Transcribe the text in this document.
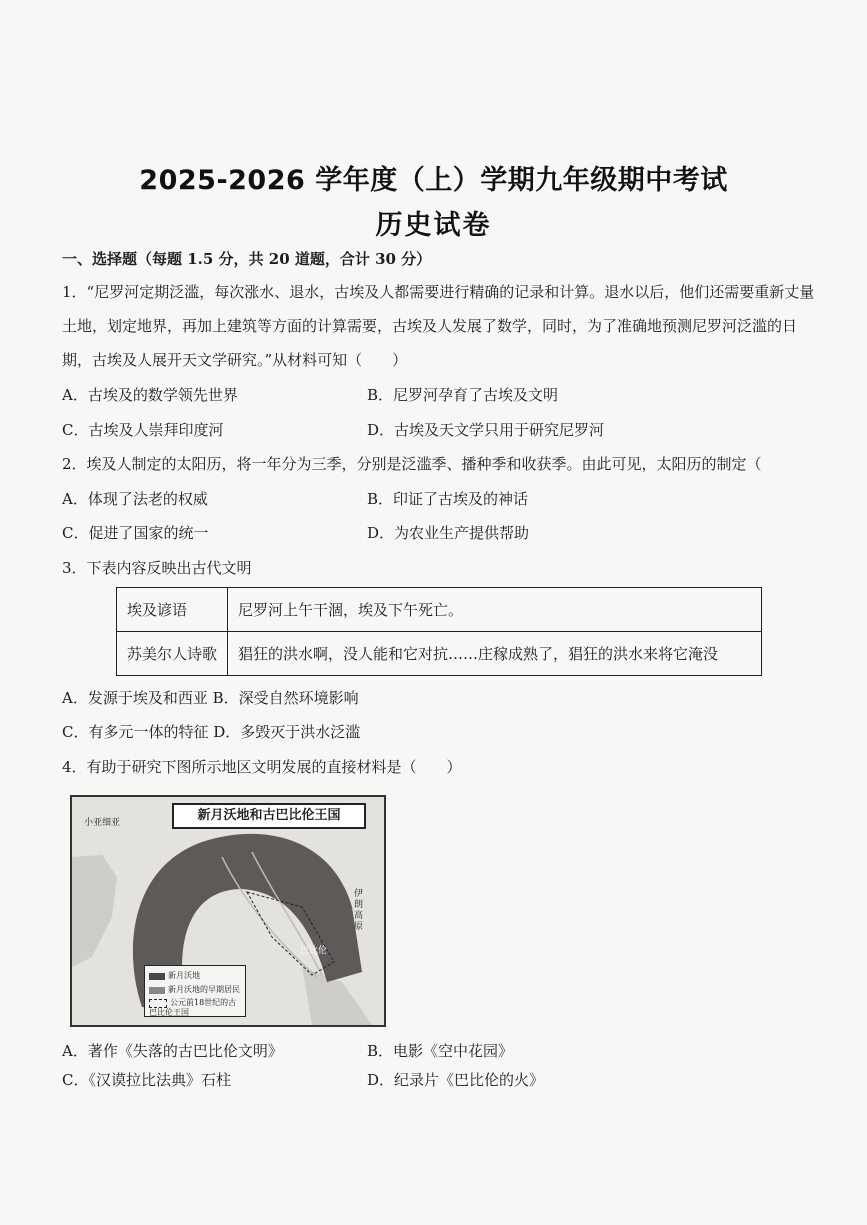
2025-2026 学年度（上）学期九年级期中考试
历史试卷
一、选择题（每题 1.5 分，共 20 道题，合计 30 分）
1．“尼罗河定期泛滥，每次涨水、退水，古埃及人都需要进行精确的记录和计算。退水以后，他们还需要重新丈量土地，划定地界，再加上建筑等方面的计算需要，古埃及人发展了数学，同时，为了准确地预测尼罗河泛滥的日期，古埃及人展开天文学研究。”从材料可知（　　）
A．古埃及的数学领先世界	B．尼罗河孕育了古埃及文明
C．古埃及人崇拜印度河	D．古埃及天文学只用于研究尼罗河
2．埃及人制定的太阳历，将一年分为三季，分别是泛滥季、播种季和收获季。由此可见，太阳历的制定（
A．体现了法老的权威	B．印证了古埃及的神话
C．促进了国家的统一	D．为农业生产提供帮助
3．下表内容反映出古代文明
埃及谚语	尼罗河上午干涸，埃及下午死亡。
苏美尔人诗歌	猖狂的洪水啊，没人能和它对抗……庄稼成熟了，猖狂的洪水来将它淹没
A．发源于埃及和西亚 B．深受自然环境影响
C．有多元一体的特征 D．多毁灭于洪水泛滥
4．有助于研究下图所示地区文明发展的直接材料是（　　）
新月沃地和古巴比伦王国
小亚细亚
伊朗高原
巴比伦
新月沃地
新月沃地的早期居民
公元前18世纪的古巴比伦王国
A．著作《失落的古巴比伦文明》	B．电影《空中花园》
C．《汉谟拉比法典》石柱	D．纪录片《巴比伦的火》
